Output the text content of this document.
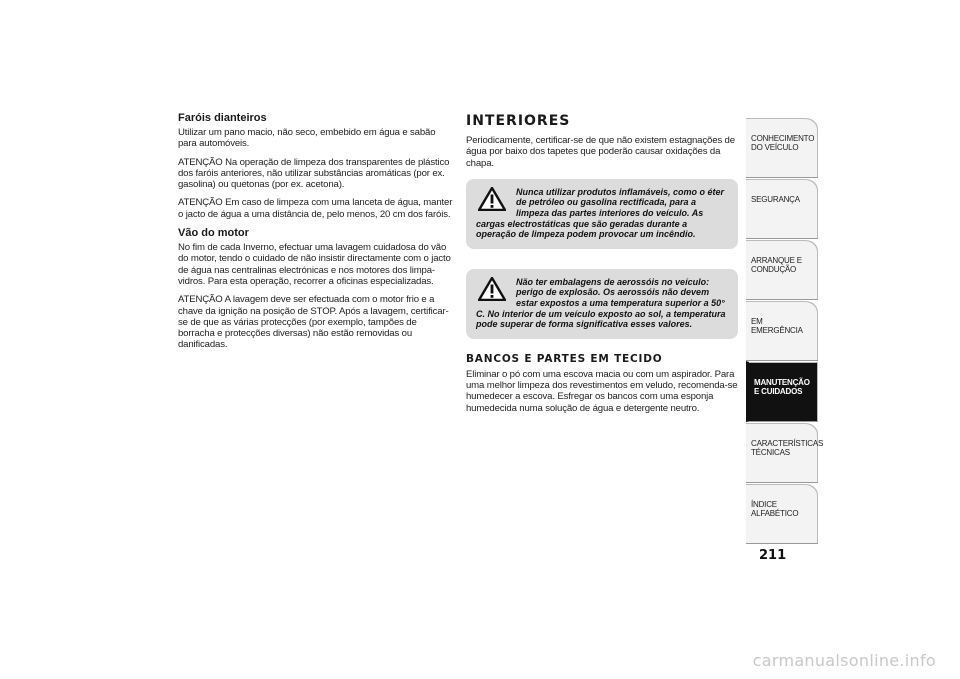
Faróis dianteiros

Utilizar um pano macio, não seco, embebido em água e sabão para automóveis.

ATENÇÃO Na operação de limpeza dos transparentes de plástico dos faróis anteriores, não utilizar substâncias aromáticas (por ex. gasolina) ou quetonas (por ex. acetona).

ATENÇÃO Em caso de limpeza com uma lanceta de água, manter o jacto de água a uma distância de, pelo menos, 20 cm dos faróis.

Vão do motor

No fim de cada Inverno, efectuar uma lavagem cuidadosa do vão do motor, tendo o cuidado de não insistir directamente com o jacto de água nas centralinas electrónicas e nos motores dos limpa-vidros. Para esta operação, recorrer a oficinas especializadas.

ATENÇÃO A lavagem deve ser efectuada com o motor frio e a chave da ignição na posição de STOP. Após a lavagem, certificar-se de que as várias protecções (por exemplo, tampões de borracha e protecções diversas) não estão removidas ou danificadas.

INTERIORES

Periodicamente, certificar-se de que não existem estagnações de água por baixo dos tapetes que poderão causar oxidações da chapa.

Nunca utilizar produtos inflamáveis, como o éter de petróleo ou gasolina rectificada, para a limpeza das partes interiores do veículo. As cargas electrostáticas que são geradas durante a operação de limpeza podem provocar um incêndio.

Não ter embalagens de aerossóis no veículo: perigo de explosão. Os aerossóis não devem estar expostos a uma temperatura superior a 50° C. No interior de um veículo exposto ao sol, a temperatura pode superar de forma significativa esses valores.

BANCOS E PARTES EM TECIDO

Eliminar o pó com uma escova macia ou com um aspirador. Para uma melhor limpeza dos revestimentos em veludo, recomenda-se humedecer a escova. Esfregar os bancos com uma esponja humedecida numa solução de água e detergente neutro.

CONHECIMENTO DO VEÍCULO
SEGURANÇA
ARRANQUE E CONDUÇÃO
EM EMERGÊNCIA
MANUTENÇÃO E CUIDADOS
CARACTERÍSTICAS TÉCNICAS
ÍNDICE ALFABÉTICO
211
carmanualsonline.info
